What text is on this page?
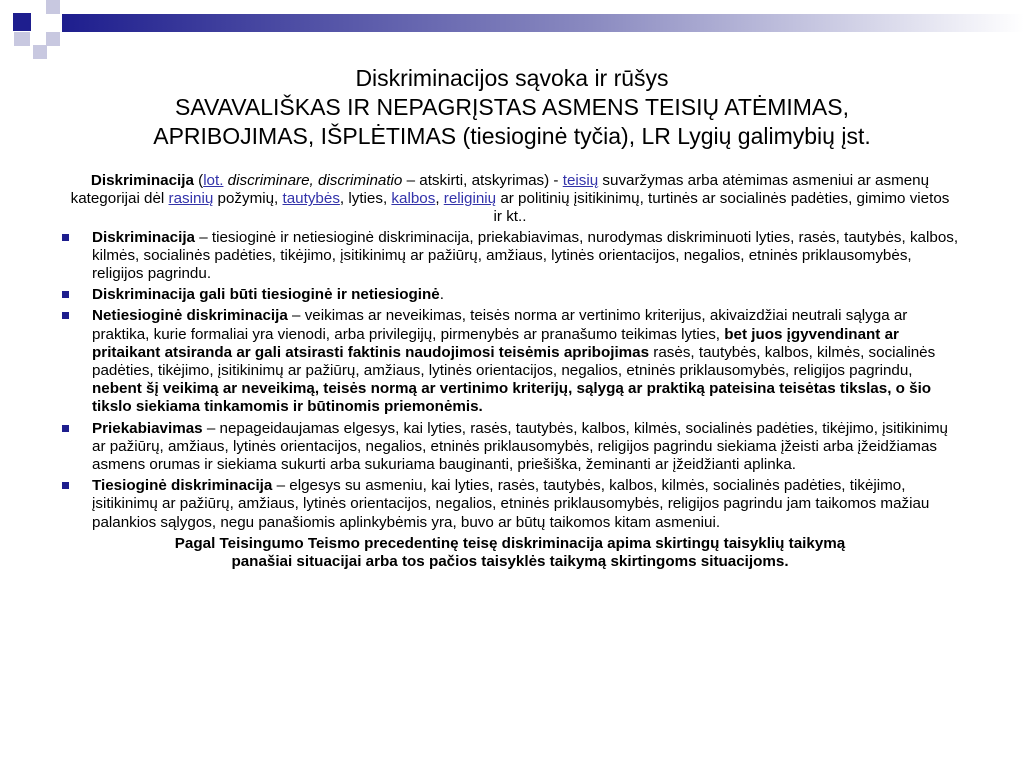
Diskriminacijos sąvoka ir rūšys
SAVAVALIŠKAS IR NEPAGRĮSTAS ASMENS TEISIŲ ATĖMIMAS,
APRIBOJIMAS, IŠPLĖTIMAS (tiesioginė tyčia), LR Lygių galimybių įst.

Diskriminacija (lot. discriminare, discriminatio – atskirti, atskyrimas) - teisių suvaržymas arba atėmimas asmeniui ar asmenų kategorijai dėl rasinių požymių, tautybės, lyties, kalbos, religinių ar politinių įsitikinimų, turtinės ar socialinės padėties, gimimo vietos ir kt..

Diskriminacija – tiesioginė ir netiesioginė diskriminacija, priekabiavimas, nurodymas diskriminuoti lyties, rasės, tautybės, kalbos, kilmės, socialinės padėties, tikėjimo, įsitikinimų ar pažiūrų, amžiaus, lytinės orientacijos, negalios, etninės priklausomybės, religijos pagrindu.
Diskriminacija gali būti tiesioginė ir netiesioginė.
Netiesioginė diskriminacija – veikimas ar neveikimas, teisės norma ar vertinimo kriterijus, akivaizdžiai neutrali sąlyga ar praktika, kurie formaliai yra vienodi, arba privilegijų, pirmenybės ar pranašumo teikimas lyties, bet juos įgyvendinant ar pritaikant atsiranda ar gali atsirasti faktinis naudojimosi teisėmis apribojimas rasės, tautybės, kalbos, kilmės, socialinės padėties, tikėjimo, įsitikinimų ar pažiūrų, amžiaus, lytinės orientacijos, negalios, etninės priklausomybės, religijos pagrindu, nebent šį veikimą ar neveikimą, teisės normą ar vertinimo kriterijų, sąlygą ar praktiką pateisina teisėtas tikslas, o šio tikslo siekiama tinkamomis ir būtinomis priemonėmis.
Priekabiavimas – nepageidaujamas elgesys, kai lyties, rasės, tautybės, kalbos, kilmės, socialinės padėties, tikėjimo, įsitikinimų ar pažiūrų, amžiaus, lytinės orientacijos, negalios, etninės priklausomybės, religijos pagrindu siekiama įžeisti arba įžeidžiamas asmens orumas ir siekiama sukurti arba sukuriama bauginanti, priešiška, žeminanti ar įžeidžianti aplinka.
Tiesioginė diskriminacija – elgesys su asmeniu, kai lyties, rasės, tautybės, kalbos, kilmės, socialinės padėties, tikėjimo, įsitikinimų ar pažiūrų, amžiaus, lytinės orientacijos, negalios, etninės priklausomybės, religijos pagrindu jam taikomos mažiau palankios sąlygos, negu panašiomis aplinkybėmis yra, buvo ar būtų taikomos kitam asmeniui.
Pagal Teisingumo Teismo precedentinę teisę diskriminacija apima skirtingų taisyklių taikymą
panašiai situacijai arba tos pačios taisyklės taikymą skirtingoms situacijoms.
